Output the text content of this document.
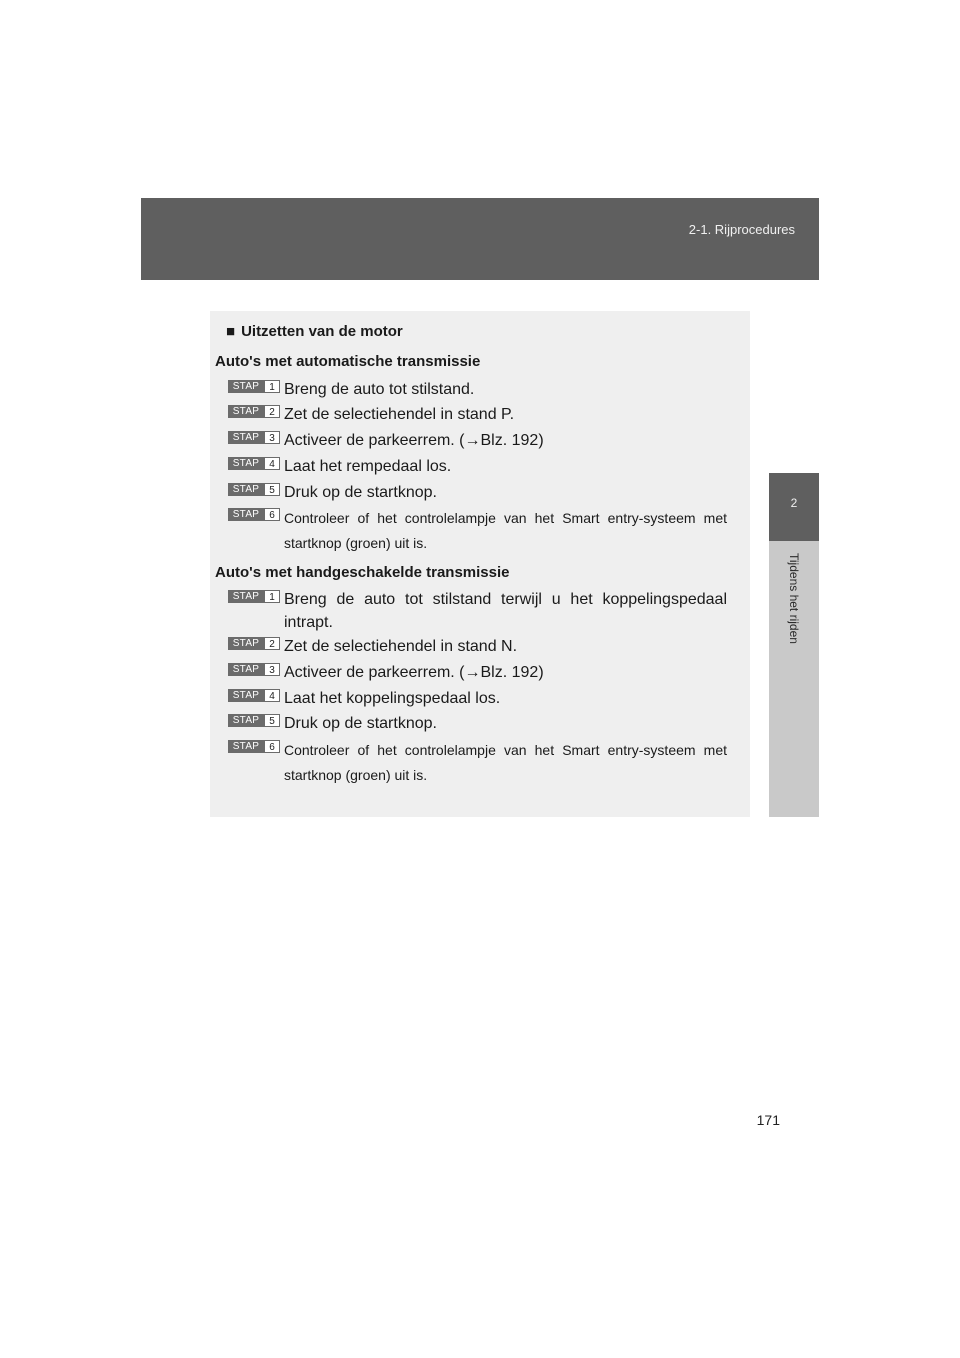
2-1. Rijprocedures
2
Tijdens het rijden
■ Uitzetten van de motor
Auto's met automatische transmissie
STAP 1 Breng de auto tot stilstand.
STAP 2 Zet de selectiehendel in stand P.
STAP 3 Activeer de parkeerrem. (→Blz. 192)
STAP 4 Laat het rempedaal los.
STAP 5 Druk op de startknop.
STAP 6 Controleer of het controlelampje van het Smart entry-systeem met startknop (groen) uit is.
Auto's met handgeschakelde transmissie
STAP 1 Breng de auto tot stilstand terwijl u het koppelingspedaal intrapt.
STAP 2 Zet de selectiehendel in stand N.
STAP 3 Activeer de parkeerrem. (→Blz. 192)
STAP 4 Laat het koppelingspedaal los.
STAP 5 Druk op de startknop.
STAP 6 Controleer of het controlelampje van het Smart entry-systeem met startknop (groen) uit is.
171
